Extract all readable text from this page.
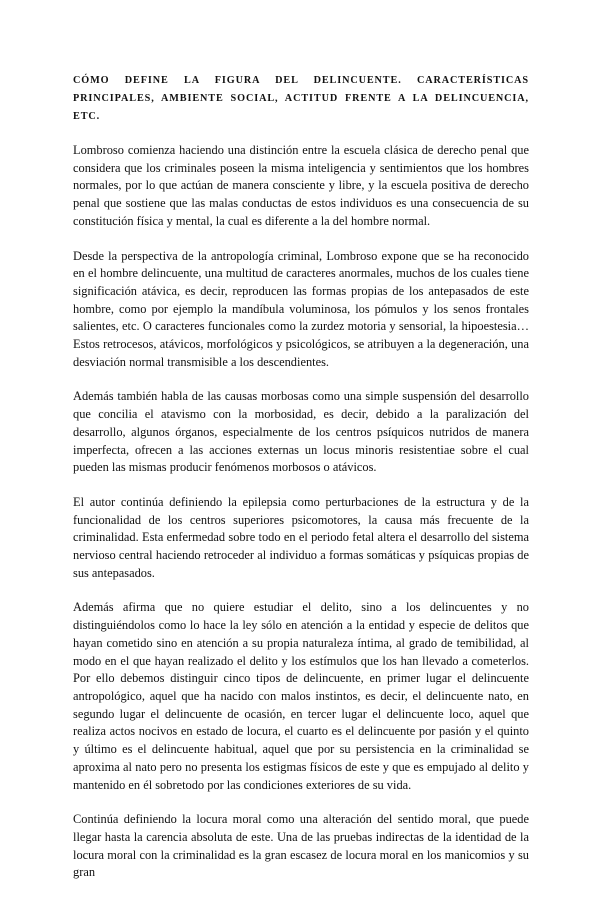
CÓMO DEFINE LA FIGURA DEL DELINCUENTE. CARACTERÍSTICAS PRINCIPALES, AMBIENTE SOCIAL, ACTITUD FRENTE A LA DELINCUENCIA, ETC.

Lombroso comienza haciendo una distinción entre la escuela clásica de derecho penal que considera que los criminales poseen la misma inteligencia y sentimientos que los hombres normales, por lo que actúan de manera consciente y libre, y la escuela positiva de derecho penal que sostiene que las malas conductas de estos individuos es una consecuencia de su constitución física y mental, la cual es diferente a la del hombre normal.

Desde la perspectiva de la antropología criminal, Lombroso expone que se ha reconocido en el hombre delincuente, una multitud de caracteres anormales, muchos de los cuales tiene significación atávica, es decir, reproducen las formas propias de los antepasados de este hombre, como por ejemplo la mandíbula voluminosa, los pómulos y los senos frontales salientes, etc. O caracteres funcionales como la zurdez motoria y sensorial, la hipoestesia… Estos retrocesos, atávicos, morfológicos y psicológicos, se atribuyen a la degeneración, una desviación normal transmisible a los descendientes.

Además también habla de las causas morbosas como una simple suspensión del desarrollo que concilia el atavismo con la morbosidad, es decir, debido a la paralización del desarrollo, algunos órganos, especialmente de los centros psíquicos nutridos de manera imperfecta, ofrecen a las acciones externas un locus minoris resistentiae sobre el cual pueden las mismas producir fenómenos morbosos o atávicos.

El autor continúa definiendo la epilepsia como perturbaciones de la estructura y de la funcionalidad de los centros superiores psicomotores, la causa más frecuente de la criminalidad. Esta enfermedad sobre todo en el periodo fetal altera el desarrollo del sistema nervioso central haciendo retroceder al individuo a formas somáticas y psíquicas propias de sus antepasados.

Además afirma que no quiere estudiar el delito, sino a los delincuentes y no distinguiéndolos como lo hace la ley sólo en atención a la entidad y especie de delitos que hayan cometido sino en atención a su propia naturaleza íntima, al grado de temibilidad, al modo en el que hayan realizado el delito y los estímulos que los han llevado a cometerlos. Por ello debemos distinguir cinco tipos de delincuente, en primer lugar el delincuente antropológico, aquel que ha nacido con malos instintos, es decir, el delincuente nato, en segundo lugar el delincuente de ocasión, en tercer lugar el delincuente loco, aquel que realiza actos nocivos en estado de locura, el cuarto es el delincuente por pasión y el quinto y último es el delincuente habitual, aquel que por su persistencia en la criminalidad se aproxima al nato pero no presenta los estigmas físicos de este y que es empujado al delito y mantenido en él sobretodo por las condiciones exteriores de su vida.

Continúa definiendo la locura moral como una alteración del sentido moral, que puede llegar hasta la carencia absoluta de este. Una de las pruebas indirectas de la identidad de la locura moral con la criminalidad es la gran escasez de locura moral en los manicomios y su gran
